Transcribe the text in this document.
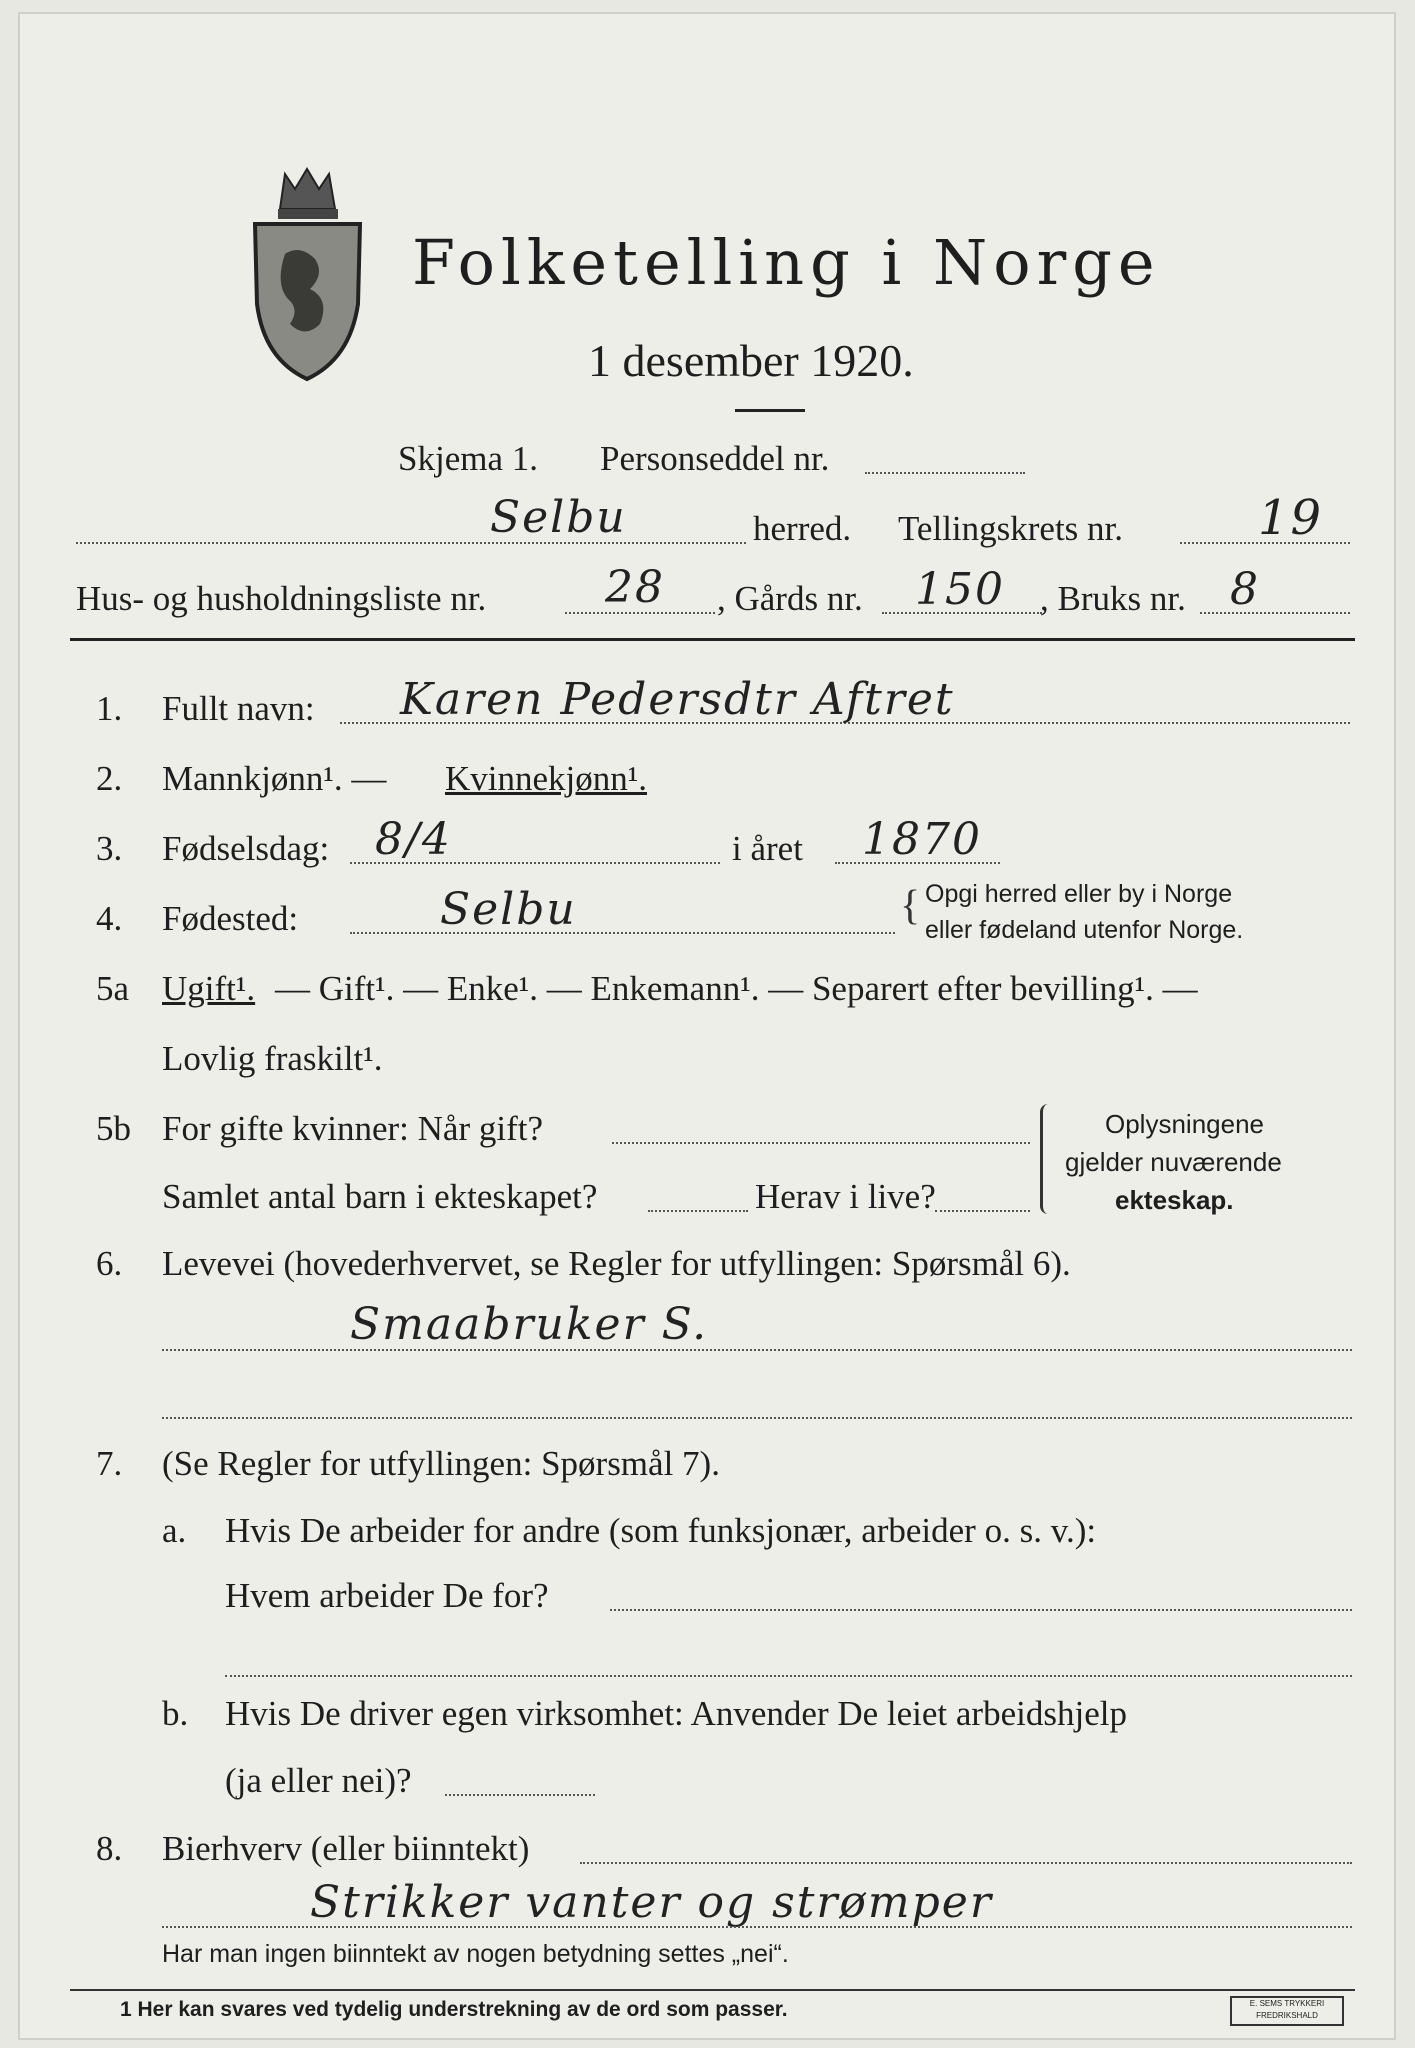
Folketelling i Norge
1 desember 1920.
Skjema 1. Personseddel nr.
Selbu	herred. Tellingskrets nr.	19
Hus- og husholdningsliste nr.	28 , Gårds nr. 150 , Bruks nr. 8
1. Fullt navn: Karen Pedersdtr Aftret
2. Mannkjønn¹. — Kvinnekjønn¹.
3. Fødselsdag: 8/4	i året 1870
4. Fødested:	Selbu	{ Opgi herred eller by i Norge
eller fødeland utenfor Norge.
5a Ugift¹. — Gift¹. — Enke¹. — Enkemann¹. — Separert efter bevilling¹. —
Lovlig fraskilt¹.
5b For gifte kvinner: Når gift?
Samlet antal barn i ekteskapet?	Herav i live?
Oplysningene
gjelder nuværende
ekteskap.
6. Levevei (hovederhvervet, se Regler for utfyllingen: Spørsmål 6).
Smaabruker S.
7. (Se Regler for utfyllingen: Spørsmål 7).
a. Hvis De arbeider for andre (som funksjonær, arbeider o. s. v.):
Hvem arbeider De for?
b. Hvis De driver egen virksomhet: Anvender De leiet arbeidshjelp
(ja eller nei)?
8. Bierhverv (eller biinntekt)
Strikker vanter og strømper
Har man ingen biinntekt av nogen betydning settes „nei“.
1 Her kan svares ved tydelig understrekning av de ord som passer.	E. SEMS TRYKKERI FREDRIKSHALD
